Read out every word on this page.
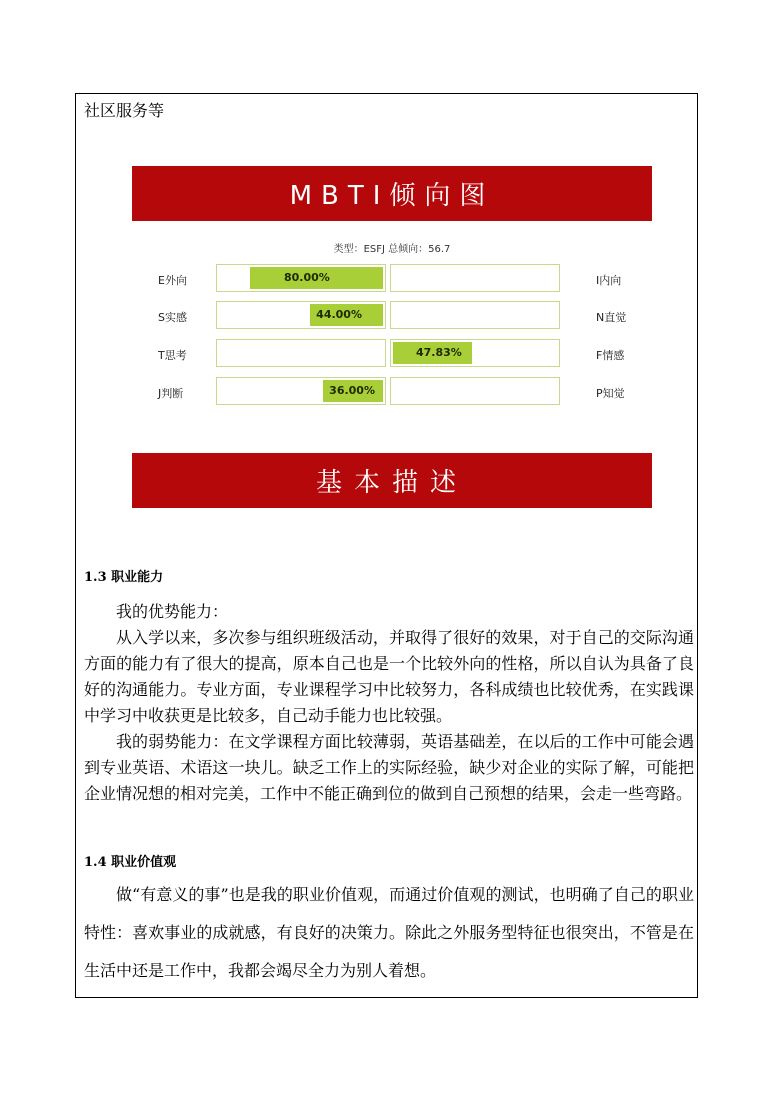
社区服务等
MBTI倾向图
类型：ESFJ 总倾向：56.7
E外向	I内向
80.00%
S实感	N直觉
44.00%
T思考	F情感
47.83%
J判断	P知觉
36.00%
基本描述
1.3 职业能力

我的优势能力：

从入学以来，多次参与组织班级活动，并取得了很好的效果，对于自己的交际沟通方面的能力有了很大的提高，原本自己也是一个比较外向的性格，所以自认为具备了良好的沟通能力。专业方面，专业课程学习中比较努力，各科成绩也比较优秀，在实践课中学习中收获更是比较多，自己动手能力也比较强。

我的弱势能力：在文学课程方面比较薄弱，英语基础差，在以后的工作中可能会遇到专业英语、术语这一块儿。缺乏工作上的实际经验，缺少对企业的实际了解，可能把企业情况想的相对完美，工作中不能正确到位的做到自己预想的结果，会走一些弯路。

1.4 职业价值观

做“有意义的事”也是我的职业价值观，而通过价值观的测试，也明确了自己的职业特性：喜欢事业的成就感，有良好的决策力。除此之外服务型特征也很突出，不管是在生活中还是工作中，我都会竭尽全力为别人着想。
